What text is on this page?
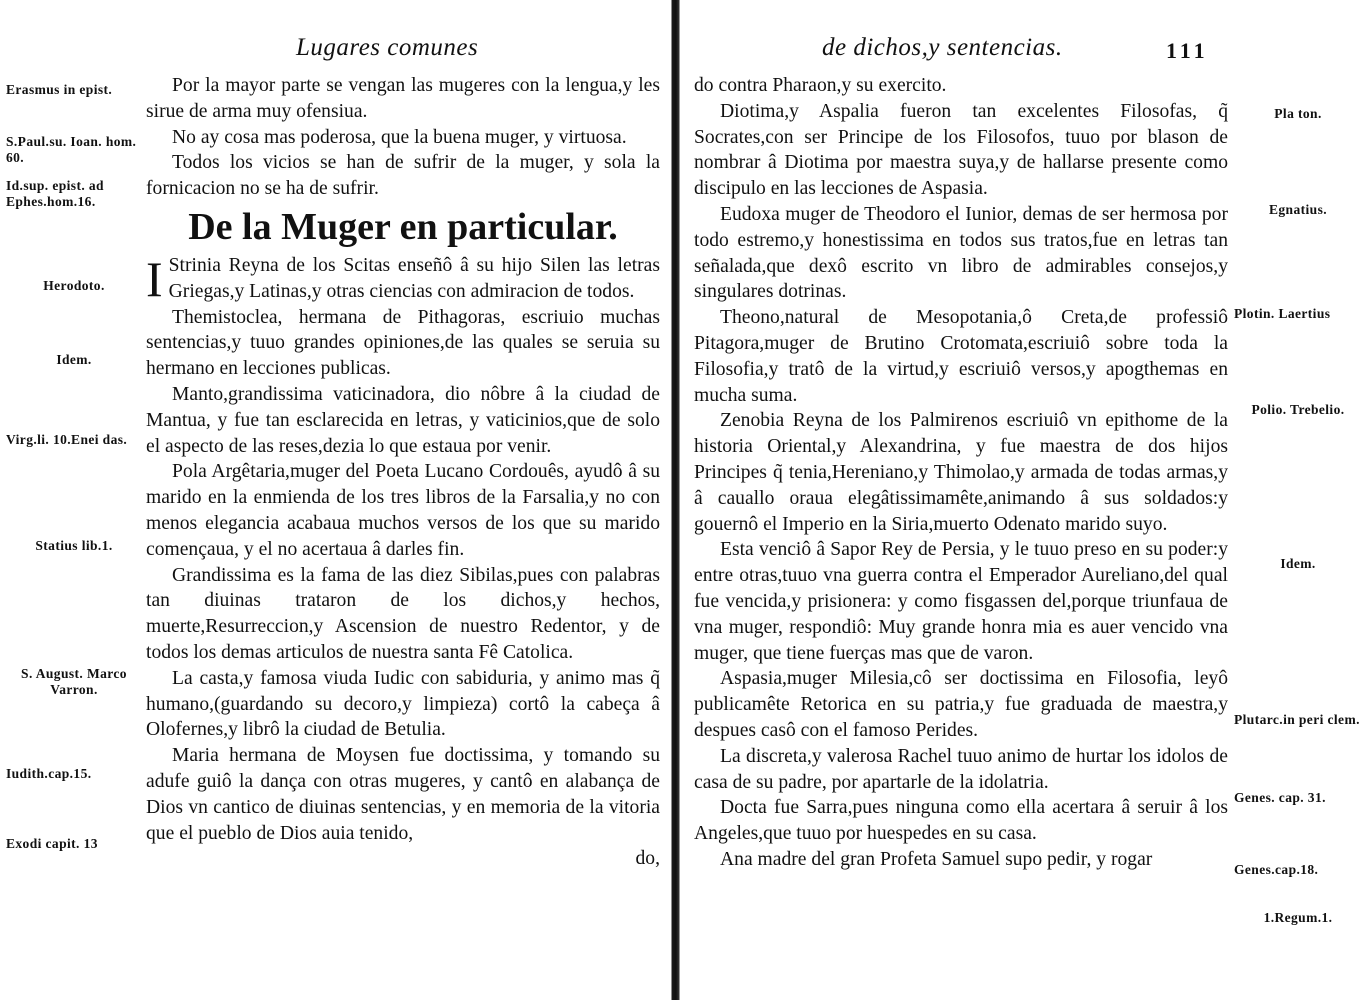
Lugares comunes
Erasmus in epist.
S.Paul.su. Ioan. hom. 60.
Id.sup. epist. ad Ephes.hom.16.
Herodoto.
Idem.
Virg.li. 10.Enei das.
Statius lib.1.
S. August. Marco Varron.
Iudith.cap.15.
Exodi capit. 13

Por la mayor parte se vengan las mugeres con la lengua,y les sirue de arma muy ofensiua.

No ay cosa mas poderosa, que la buena muger, y virtuosa.

Todos los vicios se han de sufrir de la muger, y sola la fornicacion no se ha de sufrir.

De la Muger en particular.

I Strinia Reyna de los Scitas enseñô â su hijo Silen las letras Griegas,y Latinas,y otras ciencias con admiracion de todos.

Themistoclea, hermana de Pithagoras, escriuio muchas sentencias,y tuuo grandes opiniones,de las quales se seruia su hermano en lecciones publicas.

Manto,grandissima vaticinadora, dio nôbre â la ciudad de Mantua, y fue tan esclarecida en letras, y vaticinios,que de solo el aspecto de las reses,dezia lo que estaua por venir.

Pola Argêtaria,muger del Poeta Lucano Cordouês, ayudô â su marido en la enmienda de los tres libros de la Farsalia,y no con menos elegancia acabaua muchos versos de los que su marido començaua, y el no acertaua â darles fin.

Grandissima es la fama de las diez Sibilas,pues con palabras tan diuinas trataron de los dichos,y hechos, muerte,Resurreccion,y Ascension de nuestro Redentor, y de todos los demas articulos de nuestra santa Fê Catolica.

La casta,y famosa viuda Iudic con sabiduria, y animo mas q̃ humano,(guardando su decoro,y limpieza) cortô la cabeça â Olofernes,y librô la ciudad de Betulia.

Maria hermana de Moysen fue doctissima, y tomando su adufe guiô la dança con otras mugeres, y cantô en alabança de Dios vn cantico de diuinas sentencias, y en memoria de la vitoria que el pueblo de Dios auia tenido,

do,

de dichos,y sentencias.	111
Pla ton.
Egnatius.
Plotin. Laertius
Polio. Trebelio.
Idem.
Plutarc.in peri clem.
Genes. cap. 31.
Genes.cap.18.
1.Regum.1.

do contra Pharaon,y su exercito.

Diotima,y Aspalia fueron tan excelentes Filosofas, q̃ Socrates,con ser Principe de los Filosofos, tuuo por blason de nombrar â Diotima por maestra suya,y de hallarse presente como discipulo en las lecciones de Aspasia.

Eudoxa muger de Theodoro el Iunior, demas de ser hermosa por todo estremo,y honestissima en todos sus tratos,fue en letras tan señalada,que dexô escrito vn libro de admirables consejos,y singulares dotrinas.

Theono,natural de Mesopotania,ô Creta,de professiô Pitagora,muger de Brutino Crotomata,escriuiô sobre toda la Filosofia,y tratô de la virtud,y escriuiô versos,y apogthemas en mucha suma.

Zenobia Reyna de los Palmirenos escriuiô vn epithome de la historia Oriental,y Alexandrina, y fue maestra de dos hijos Principes q̃ tenia,Hereniano,y Thimolao,y armada de todas armas,y â cauallo oraua elegâtissimamête,animando â sus soldados:y gouernô el Imperio en la Siria,muerto Odenato marido suyo.

Esta venciô â Sapor Rey de Persia, y le tuuo preso en su poder:y entre otras,tuuo vna guerra contra el Emperador Aureliano,del qual fue vencida,y prisionera: y como fisgassen del,porque triunfaua de vna muger, respondiô: Muy grande honra mia es auer vencido vna muger, que tiene fuerças mas que de varon.

Aspasia,muger Milesia,cô ser doctissima en Filosofia, leyô publicamête Retorica en su patria,y fue graduada de maestra,y despues casô con el famoso Perides.

La discreta,y valerosa Rachel tuuo animo de hurtar los idolos de casa de su padre, por apartarle de la idolatria.

Docta fue Sarra,pues ninguna como ella acertara â seruir â los Angeles,que tuuo por huespedes en su casa.

Ana madre del gran Profeta Samuel supo pedir, y rogar
